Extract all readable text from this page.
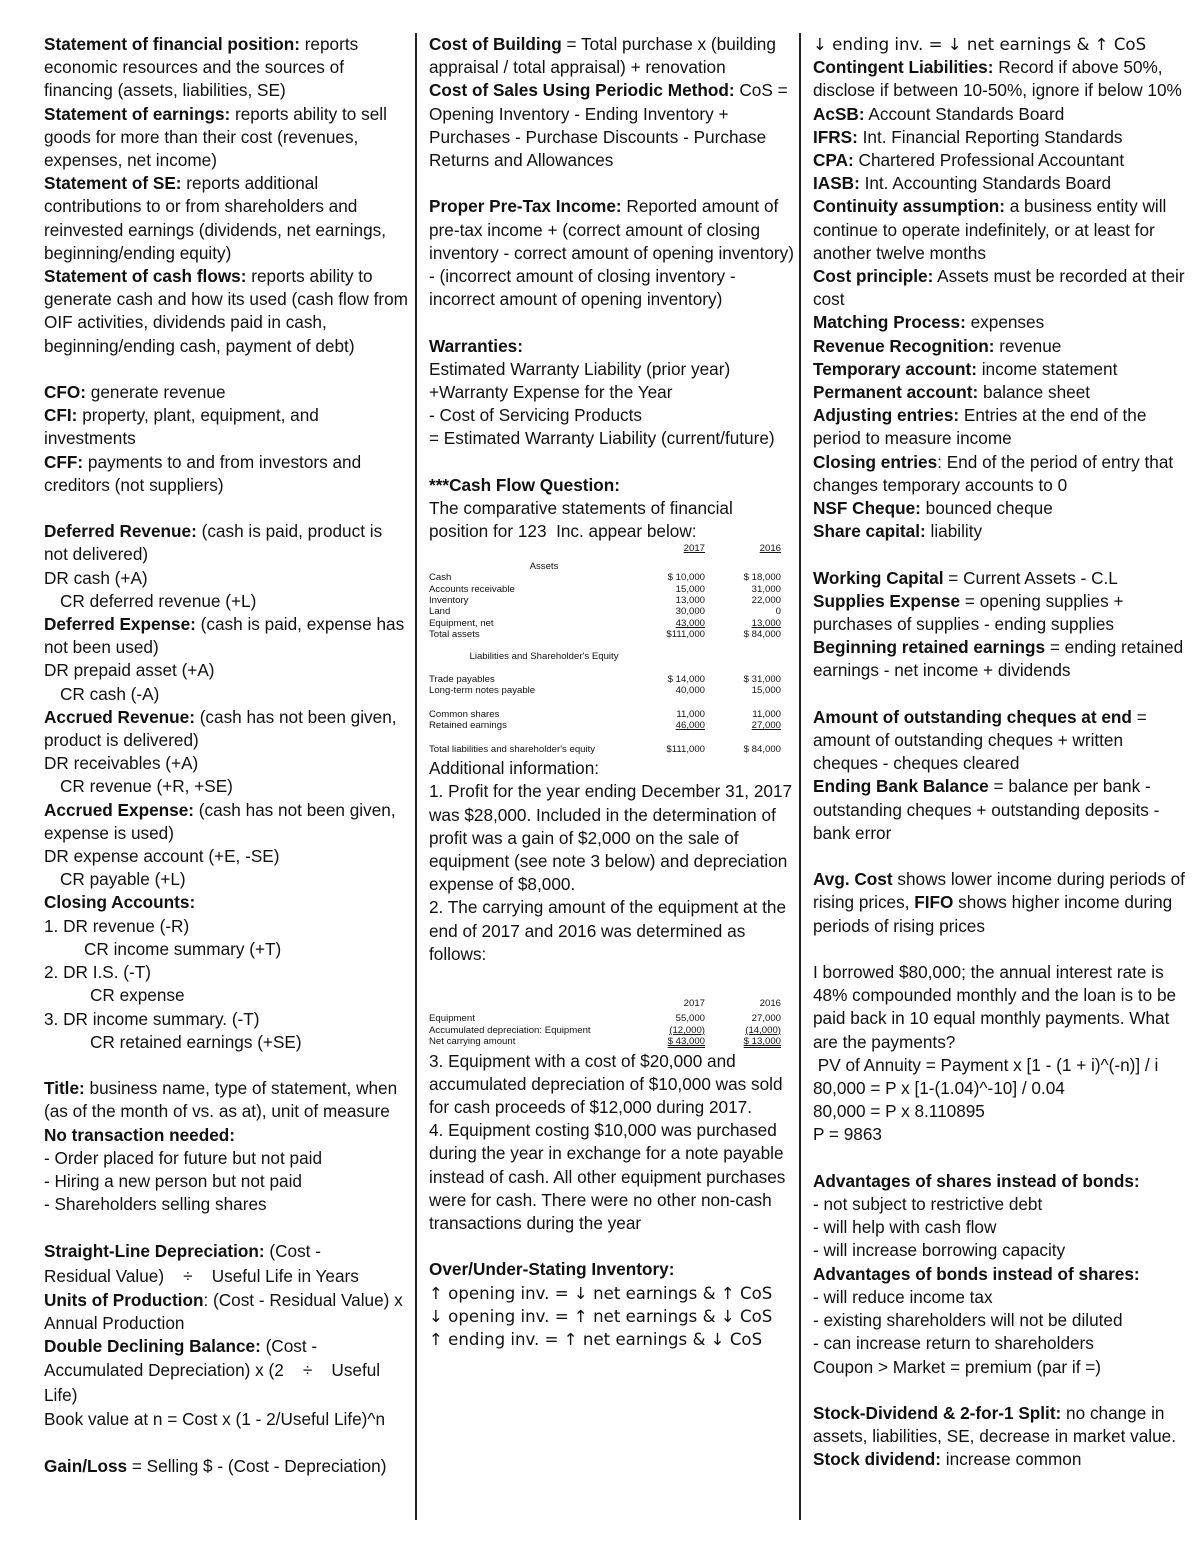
Statement of financial position: reports economic resources and the sources of financing (assets, liabilities, SE)

Statement of earnings: reports ability to sell goods for more than their cost (revenues, expenses, net income)

Statement of SE: reports additional contributions to or from shareholders and reinvested earnings (dividends, net earnings, beginning/ending equity)

Statement of cash flows: reports ability to generate cash and how its used (cash flow from OIF activities, dividends paid in cash, beginning/ending cash, payment of debt)

CFO: generate revenue

CFI: property, plant, equipment, and investments

CFF: payments to and from investors and creditors (not suppliers)

Deferred Revenue: (cash is paid, product is not delivered)

DR cash (+A)

CR deferred revenue (+L)

Deferred Expense: (cash is paid, expense has not been used)

DR prepaid asset (+A)

CR cash (-A)

Accrued Revenue: (cash has not been given, product is delivered)

DR receivables (+A)

CR revenue (+R, +SE)

Accrued Expense: (cash has not been given, expense is used)

DR expense account (+E, -SE)

CR payable (+L)

Closing Accounts:

1. DR revenue (-R)

CR income summary (+T)

2. DR I.S. (-T)

CR expense

3. DR income summary. (-T)

CR retained earnings (+SE)

Title: business name, type of statement, when (as of the month of vs. as at), unit of measure

No transaction needed:

- Order placed for future but not paid

- Hiring a new person but not paid

- Shareholders selling shares

Straight-Line Depreciation: (Cost -

Residual Value)    ÷    Useful Life in Years

Units of Production: (Cost - Residual Value) x Annual Production

Double Declining Balance: (Cost -

Accumulated Depreciation) x (2    ÷    Useful Life)

Book value at n = Cost x (1 - 2/Useful Life)^n

Gain/Loss = Selling $ - (Cost - Depreciation)

Cost of Building = Total purchase x (building appraisal / total appraisal) + renovation

Cost of Sales Using Periodic Method: CoS = Opening Inventory - Ending Inventory + Purchases - Purchase Discounts - Purchase Returns and Allowances

Proper Pre-Tax Income: Reported amount of pre-tax income + (correct amount of closing inventory - correct amount of opening inventory) - (incorrect amount of closing inventory - incorrect amount of opening inventory)

Warranties:

Estimated Warranty Liability (prior year)

+Warranty Expense for the Year

- Cost of Servicing Products

= Estimated Warranty Liability (current/future)

***Cash Flow Question:

The comparative statements of financial position for 123  Inc. appear below:

2017	2016
Assets
Cash	$ 10,000	$ 18,000
Accounts receivable	15,000	31,000
Inventory	13,000	22,000
Land	30,000	0
Equipment, net	43,000	13,000
Total assets	$111,000	$ 84,000
Liabilities and Shareholder's Equity
Trade payables	$ 14,000	$ 31,000
Long-term notes payable	40,000	15,000
Common shares	11,000	11,000
Retained earnings	46,000	27,000
Total liabilities and shareholder's equity	$111,000	$ 84,000

Additional information:

1. Profit for the year ending December 31, 2017 was $28,000. Included in the determination of profit was a gain of $2,000 on the sale of equipment (see note 3 below) and depreciation expense of $8,000.

2. The carrying amount of the equipment at the end of 2017 and 2016 was determined as follows:

2017	2016
Equipment	55,000	27,000
Accumulated depreciation: Equipment	(12,000)	(14,000)
Net carrying amount	$ 43,000	$ 13,000

3. Equipment with a cost of $20,000 and accumulated depreciation of $10,000 was sold for cash proceeds of $12,000 during 2017.

4. Equipment costing $10,000 was purchased during the year in exchange for a note payable instead of cash. All other equipment purchases were for cash. There were no other non-cash transactions during the year

Over/Under-Stating Inventory:

↑ opening inv. = ↓ net earnings & ↑ CoS

↓ opening inv. = ↑ net earnings & ↓ CoS

↑ ending inv. = ↑ net earnings & ↓ CoS

↓ ending inv. = ↓ net earnings & ↑ CoS

Contingent Liabilities: Record if above 50%, disclose if between 10-50%, ignore if below 10%

AcSB: Account Standards Board

IFRS: Int. Financial Reporting Standards

CPA: Chartered Professional Accountant

IASB: Int. Accounting Standards Board

Continuity assumption: a business entity will continue to operate indefinitely, or at least for another twelve months

Cost principle: Assets must be recorded at their cost

Matching Process: expenses

Revenue Recognition: revenue

Temporary account: income statement

Permanent account: balance sheet

Adjusting entries: Entries at the end of the period to measure income

Closing entries: End of the period of entry that changes temporary accounts to 0

NSF Cheque: bounced cheque

Share capital: liability

Working Capital = Current Assets - C.L

Supplies Expense = opening supplies + purchases of supplies - ending supplies

Beginning retained earnings = ending retained earnings - net income + dividends

Amount of outstanding cheques at end = amount of outstanding cheques + written cheques - cheques cleared

Ending Bank Balance = balance per bank - outstanding cheques + outstanding deposits - bank error

Avg. Cost shows lower income during periods of rising prices, FIFO shows higher income during periods of rising prices

I borrowed $80,000; the annual interest rate is 48% compounded monthly and the loan is to be paid back in 10 equal monthly payments. What are the payments?

PV of Annuity = Payment x [1 - (1 + i)^(-n)] / i

80,000 = P x [1-(1.04)^-10] / 0.04

80,000 = P x 8.110895

P = 9863

Advantages of shares instead of bonds:

- not subject to restrictive debt

- will help with cash flow

- will increase borrowing capacity

Advantages of bonds instead of shares:

- will reduce income tax

- existing shareholders will not be diluted

- can increase return to shareholders

Coupon > Market = premium (par if =)

Stock-Dividend & 2-for-1 Split: no change in assets, liabilities, SE, decrease in market value. Stock dividend: increase common
